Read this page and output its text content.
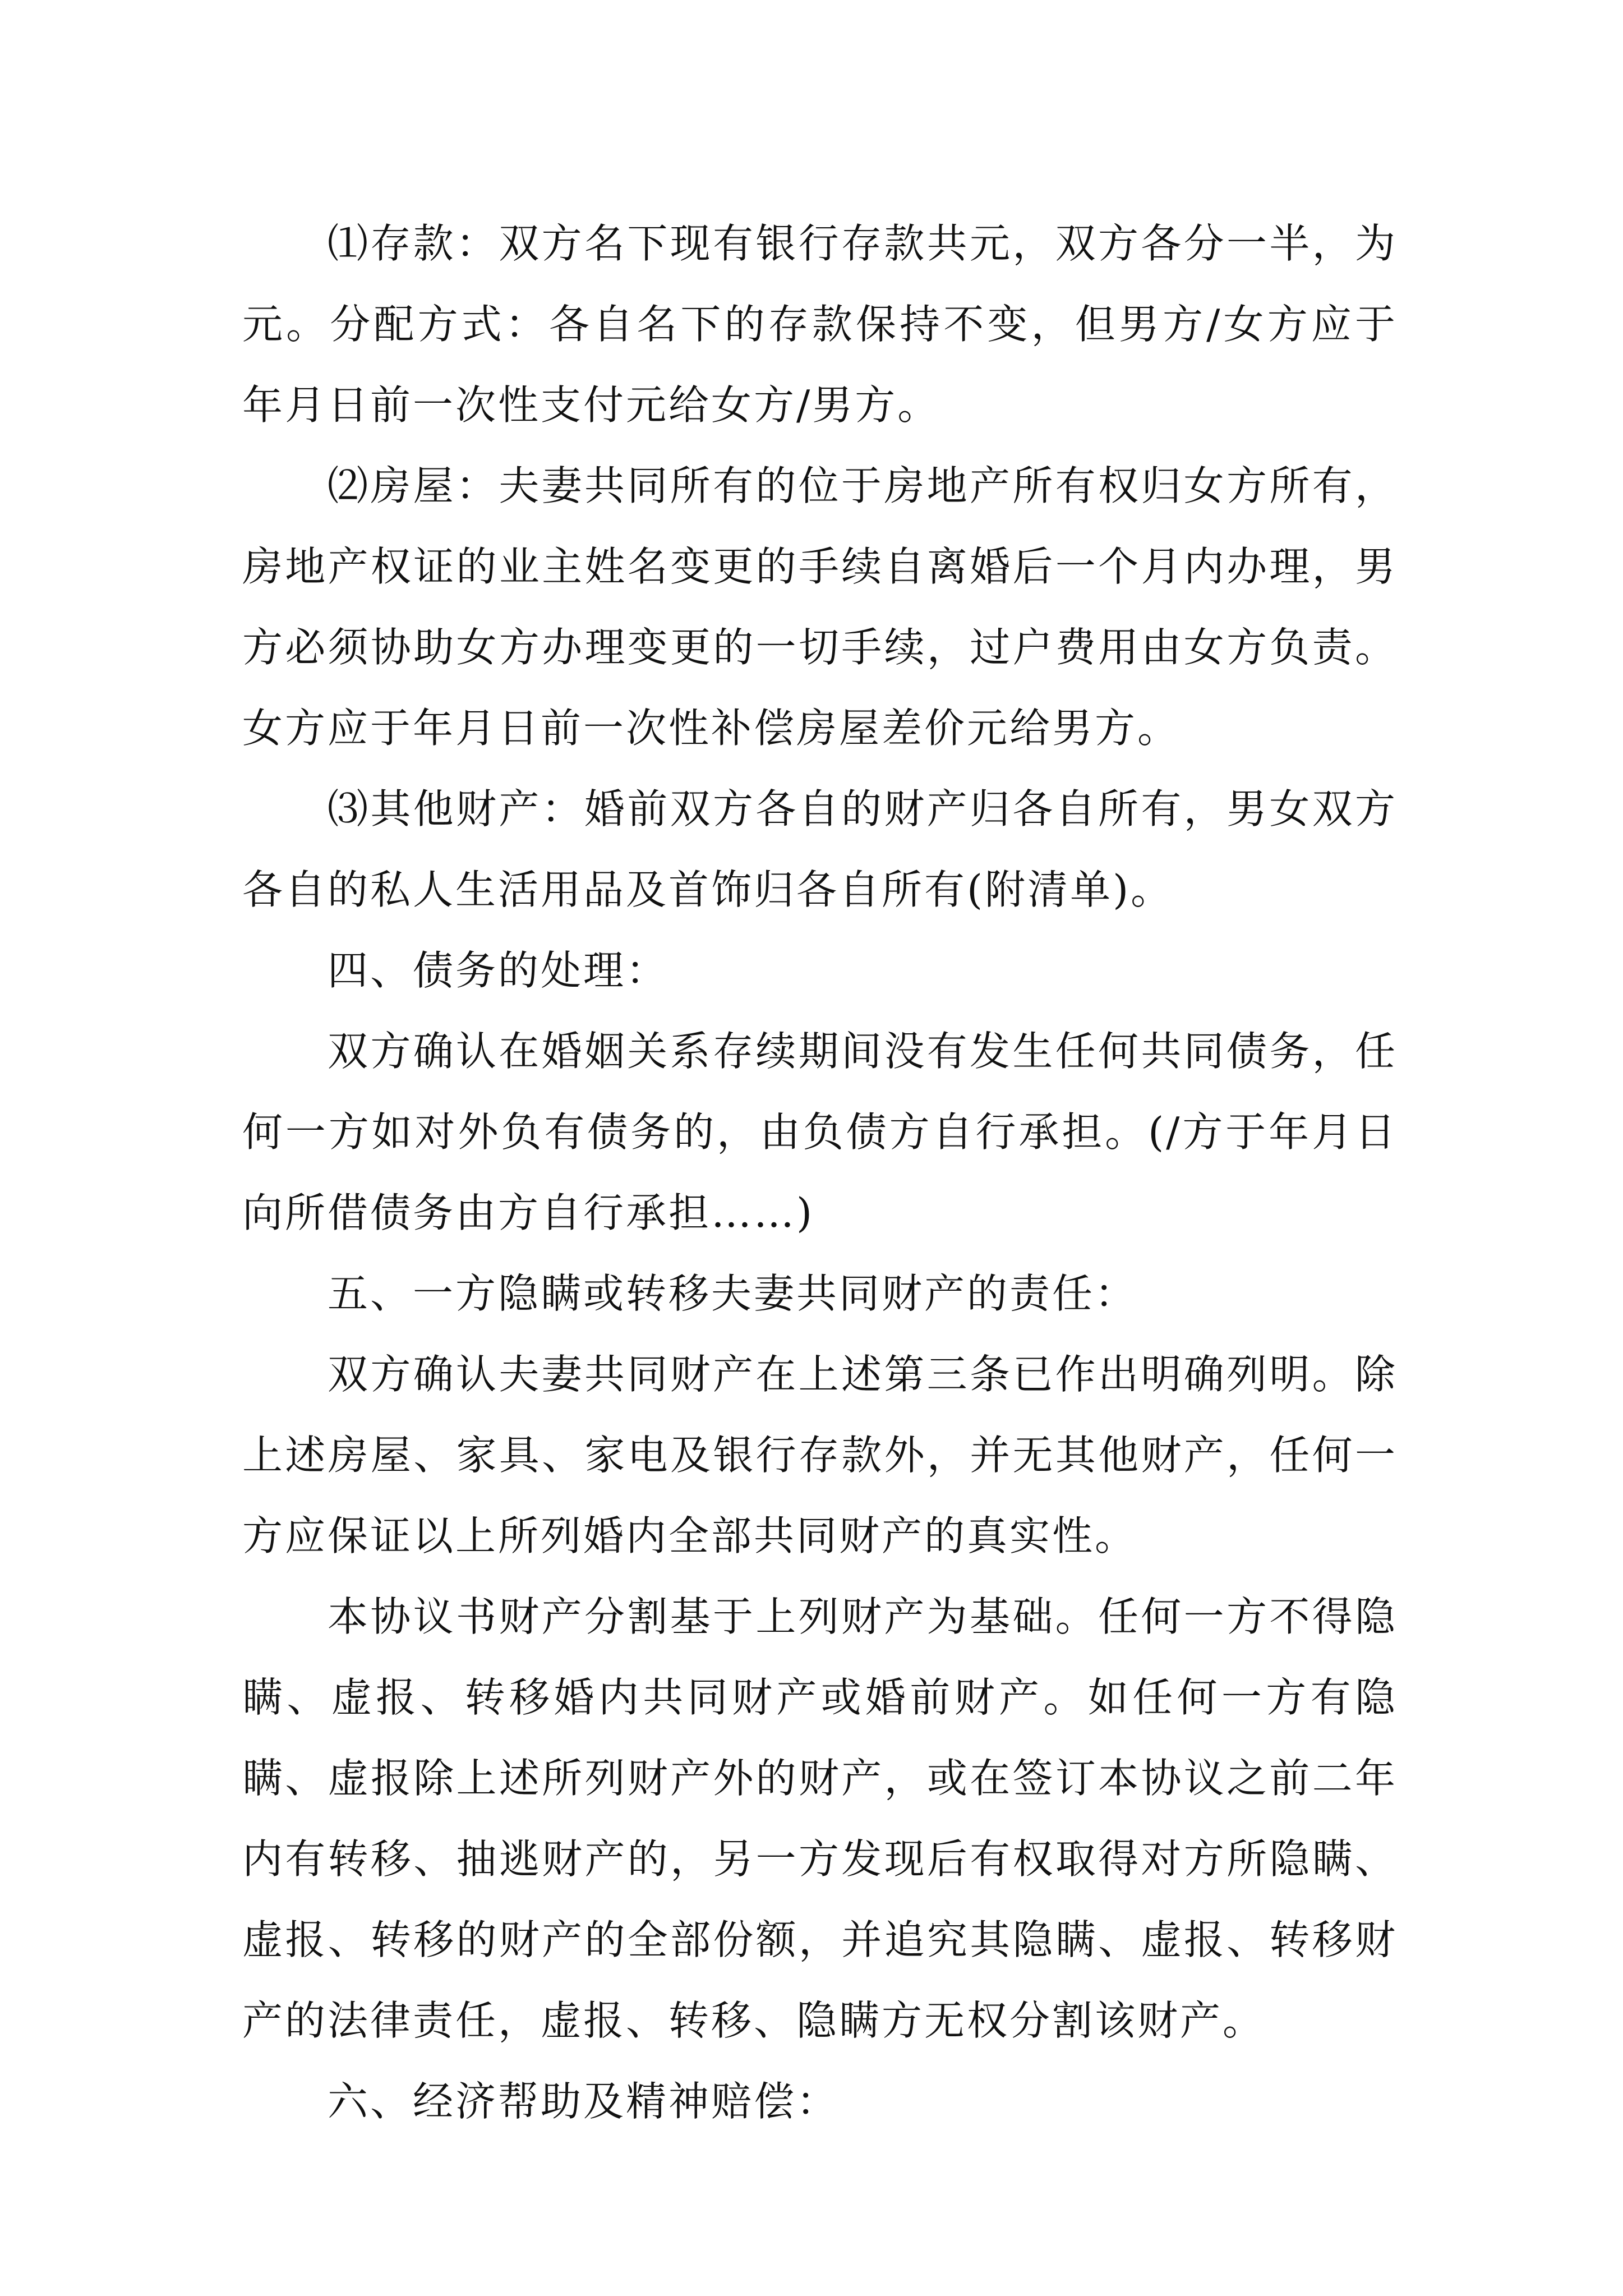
⑴存款：双方名下现有银行存款共元，双方各分一半，为元。分配方式：各自名下的存款保持不变，但男方/女方应于年月日前一次性支付元给女方/男方。

⑵房屋：夫妻共同所有的位于房地产所有权归女方所有，房地产权证的业主姓名变更的手续自离婚后一个月内办理，男方必须协助女方办理变更的一切手续，过户费用由女方负责。女方应于年月日前一次性补偿房屋差价元给男方。

⑶其他财产：婚前双方各自的财产归各自所有，男女双方各自的私人生活用品及首饰归各自所有(附清单)。

四、债务的处理：

双方确认在婚姻关系存续期间没有发生任何共同债务，任何一方如对外负有债务的，由负债方自行承担。(/方于年月日向所借债务由方自行承担……)

五、一方隐瞒或转移夫妻共同财产的责任：

双方确认夫妻共同财产在上述第三条已作出明确列明。除上述房屋、家具、家电及银行存款外，并无其他财产，任何一方应保证以上所列婚内全部共同财产的真实性。

本协议书财产分割基于上列财产为基础。任何一方不得隐瞒、虚报、转移婚内共同财产或婚前财产。如任何一方有隐瞒、虚报除上述所列财产外的财产，或在签订本协议之前二年内有转移、抽逃财产的，另一方发现后有权取得对方所隐瞒、虚报、转移的财产的全部份额，并追究其隐瞒、虚报、转移财产的法律责任，虚报、转移、隐瞒方无权分割该财产。

六、经济帮助及精神赔偿：
